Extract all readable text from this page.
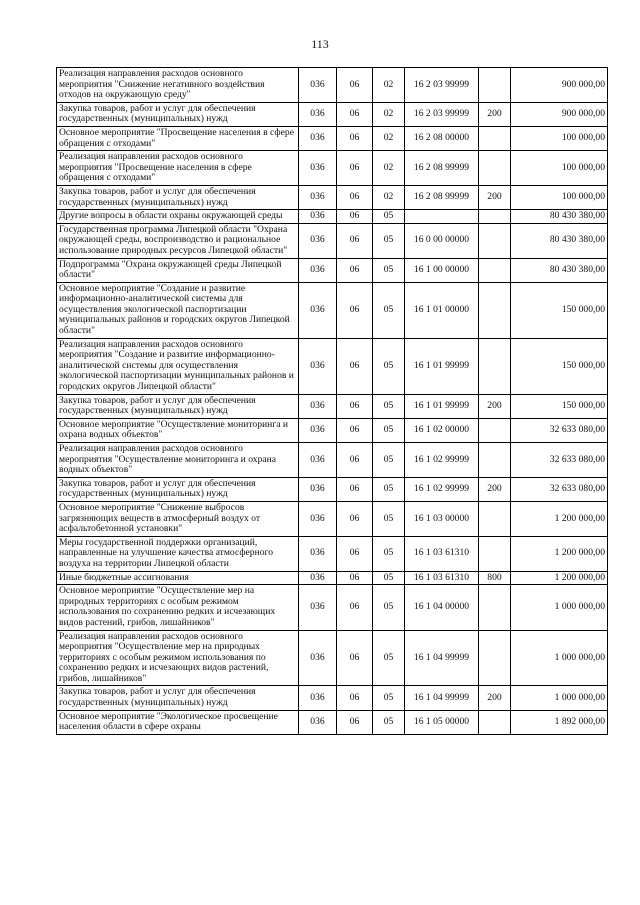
113
Реализация направления расходов основного мероприятия "Снижение негативного воздействия отходов на окружающую среду"	036	06	02	16 2 03 99999		900 000,00
Закупка товаров, работ и услуг для обеспечения государственных (муниципальных) нужд	036	06	02	16 2 03 99999	200	900 000,00
Основное мероприятие "Просвещение населения в сфере обращения с отходами"	036	06	02	16 2 08 00000		100 000,00
Реализация направления расходов основного мероприятия "Просвещение населения в сфере обращения с отходами"	036	06	02	16 2 08 99999		100 000,00
Закупка товаров, работ и услуг для обеспечения государственных (муниципальных) нужд	036	06	02	16 2 08 99999	200	100 000,00
Другие вопросы в области охраны окружающей среды	036	06	05			80 430 380,00
Государственная программа Липецкой области "Охрана окружающей среды, воспроизводство и рациональное использование природных ресурсов Липецкой области"	036	06	05	16 0 00 00000		80 430 380,00
Подпрограмма "Охрана окружающей среды Липецкой области"	036	06	05	16 1 00 00000		80 430 380,00
Основное мероприятие "Создание и развитие информационно-аналитической системы для осуществления экологической паспортизации муниципальных районов и городских округов Липецкой области"	036	06	05	16 1 01 00000		150 000,00
Реализация направления расходов основного мероприятия "Создание и развитие информационно-аналитической системы для осуществления экологической паспортизации муниципальных районов и городских округов Липецкой области"	036	06	05	16 1 01 99999		150 000,00
Закупка товаров, работ и услуг для обеспечения государственных (муниципальных) нужд	036	06	05	16 1 01 99999	200	150 000,00
Основное мероприятие "Осуществление мониторинга и охрана водных объектов"	036	06	05	16 1 02 00000		32 633 080,00
Реализация направления расходов основного мероприятия "Осуществление мониторинга и охрана водных объектов"	036	06	05	16 1 02 99999		32 633 080,00
Закупка товаров, работ и услуг для обеспечения государственных (муниципальных) нужд	036	06	05	16 1 02 99999	200	32 633 080,00
Основное мероприятие "Снижение выбросов загрязняющих веществ в атмосферный воздух от асфальтобетонной установки"	036	06	05	16 1 03 00000		1 200 000,00
Меры государственной поддержки организаций, направленные на улучшение качества атмосферного воздуха на территории Липецкой области	036	06	05	16 1 03 61310		1 200 000,00
Иные бюджетные ассигнования	036	06	05	16 1 03 61310	800	1 200 000,00
Основное мероприятие "Осуществление мер на природных территориях с особым режимом использования по сохранению редких и исчезающих видов растений, грибов, лишайников"	036	06	05	16 1 04 00000		1 000 000,00
Реализация направления расходов основного мероприятия "Осуществление мер на природных территориях с особым режимом использования по сохранению редких и исчезающих видов растений, грибов, лишайников"	036	06	05	16 1 04 99999		1 000 000,00
Закупка товаров, работ и услуг для обеспечения государственных (муниципальных) нужд	036	06	05	16 1 04 99999	200	1 000 000,00
Основное мероприятие "Экологическое просвещение населения области в сфере охраны	036	06	05	16 1 05 00000		1 892 000,00
